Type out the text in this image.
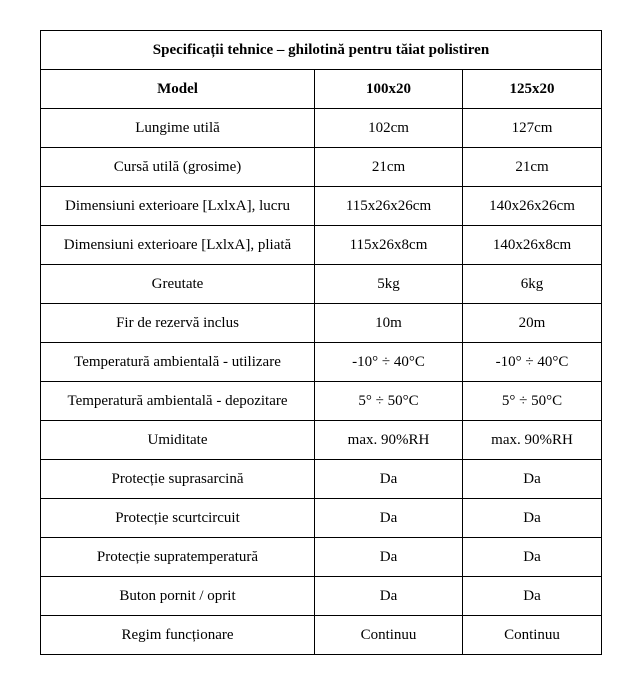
Specificații tehnice – ghilotină pentru tăiat polistiren		
Model	100x20	125x20
Lungime utilă	102cm	127cm
Cursă utilă (grosime)	21cm	21cm
Dimensiuni exterioare [LxlxA], lucru	115x26x26cm	140x26x26cm
Dimensiuni exterioare [LxlxA], pliată	115x26x8cm	140x26x8cm
Greutate	5kg	6kg
Fir de rezervă inclus	10m	20m
Temperatură ambientală - utilizare	-10° ÷ 40°C	-10° ÷ 40°C
Temperatură ambientală - depozitare	5° ÷ 50°C	5° ÷ 50°C
Umiditate	max. 90%RH	max. 90%RH
Protecție suprasarcină	Da	Da
Protecție scurtcircuit	Da	Da
Protecție supratemperatură	Da	Da
Buton pornit / oprit	Da	Da
Regim funcționare	Continuu	Continuu
